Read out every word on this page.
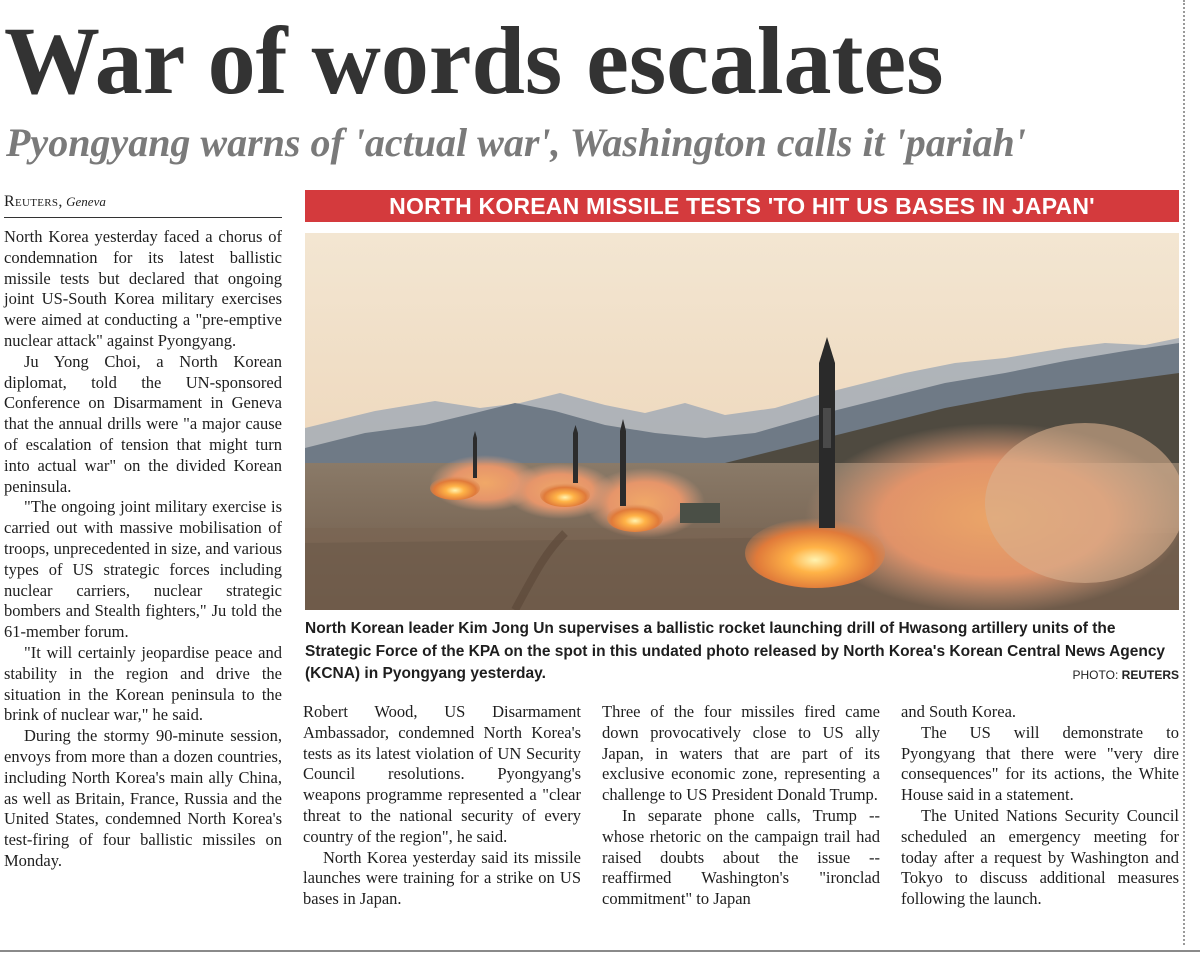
War of words escalates
Pyongyang warns of 'actual war', Washington calls it 'pariah'
Reuters, Geneva

North Korea yesterday faced a chorus of condemnation for its latest ballistic missile tests but declared that ongoing joint US-South Korea military exercises were aimed at conducting a "pre-emptive nuclear attack" against Pyongyang.

Ju Yong Choi, a North Korean diplomat, told the UN-sponsored Conference on Disarmament in Geneva that the annual drills were "a major cause of escalation of tension that might turn into actual war" on the divided Korean peninsula.

"The ongoing joint military exercise is carried out with massive mobilisation of troops, unprecedented in size, and various types of US strategic forces including nuclear carriers, nuclear strategic bombers and Stealth fighters," Ju told the 61-member forum.

"It will certainly jeopardise peace and stability in the region and drive the situation in the Korean peninsula to the brink of nuclear war," he said.

During the stormy 90-minute session, envoys from more than a dozen countries, including North Korea's main ally China, as well as Britain, France, Russia and the United States, condemned North Korea's test-firing of four ballistic missiles on Monday.

NORTH KOREAN MISSILE TESTS 'TO HIT US BASES IN JAPAN'
North Korean leader Kim Jong Un supervises a ballistic rocket launching drill of Hwasong artillery units of the Strategic Force of the KPA on the spot in this undated photo released by North Korea's Korean Central News Agency (KCNA) in Pyongyang yesterday.	PHOTO: REUTERS

Robert Wood, US Disarmament Ambassador, condemned North Korea's tests as its latest violation of UN Security Council resolutions. Pyongyang's weapons programme represented a "clear threat to the national security of every country of the region", he said.

North Korea yesterday said its missile launches were training for a strike on US bases in Japan.

Three of the four missiles fired came down provocatively close to US ally Japan, in waters that are part of its exclusive economic zone, representing a challenge to US President Donald Trump.

In separate phone calls, Trump -- whose rhetoric on the campaign trail had raised doubts about the issue -- reaffirmed Washington's "ironclad commitment" to Japan

and South Korea.

The US will demonstrate to Pyongyang that there were "very dire consequences" for its actions, the White House said in a statement.

The United Nations Security Council scheduled an emergency meeting for today after a request by Washington and Tokyo to discuss additional measures following the launch.
